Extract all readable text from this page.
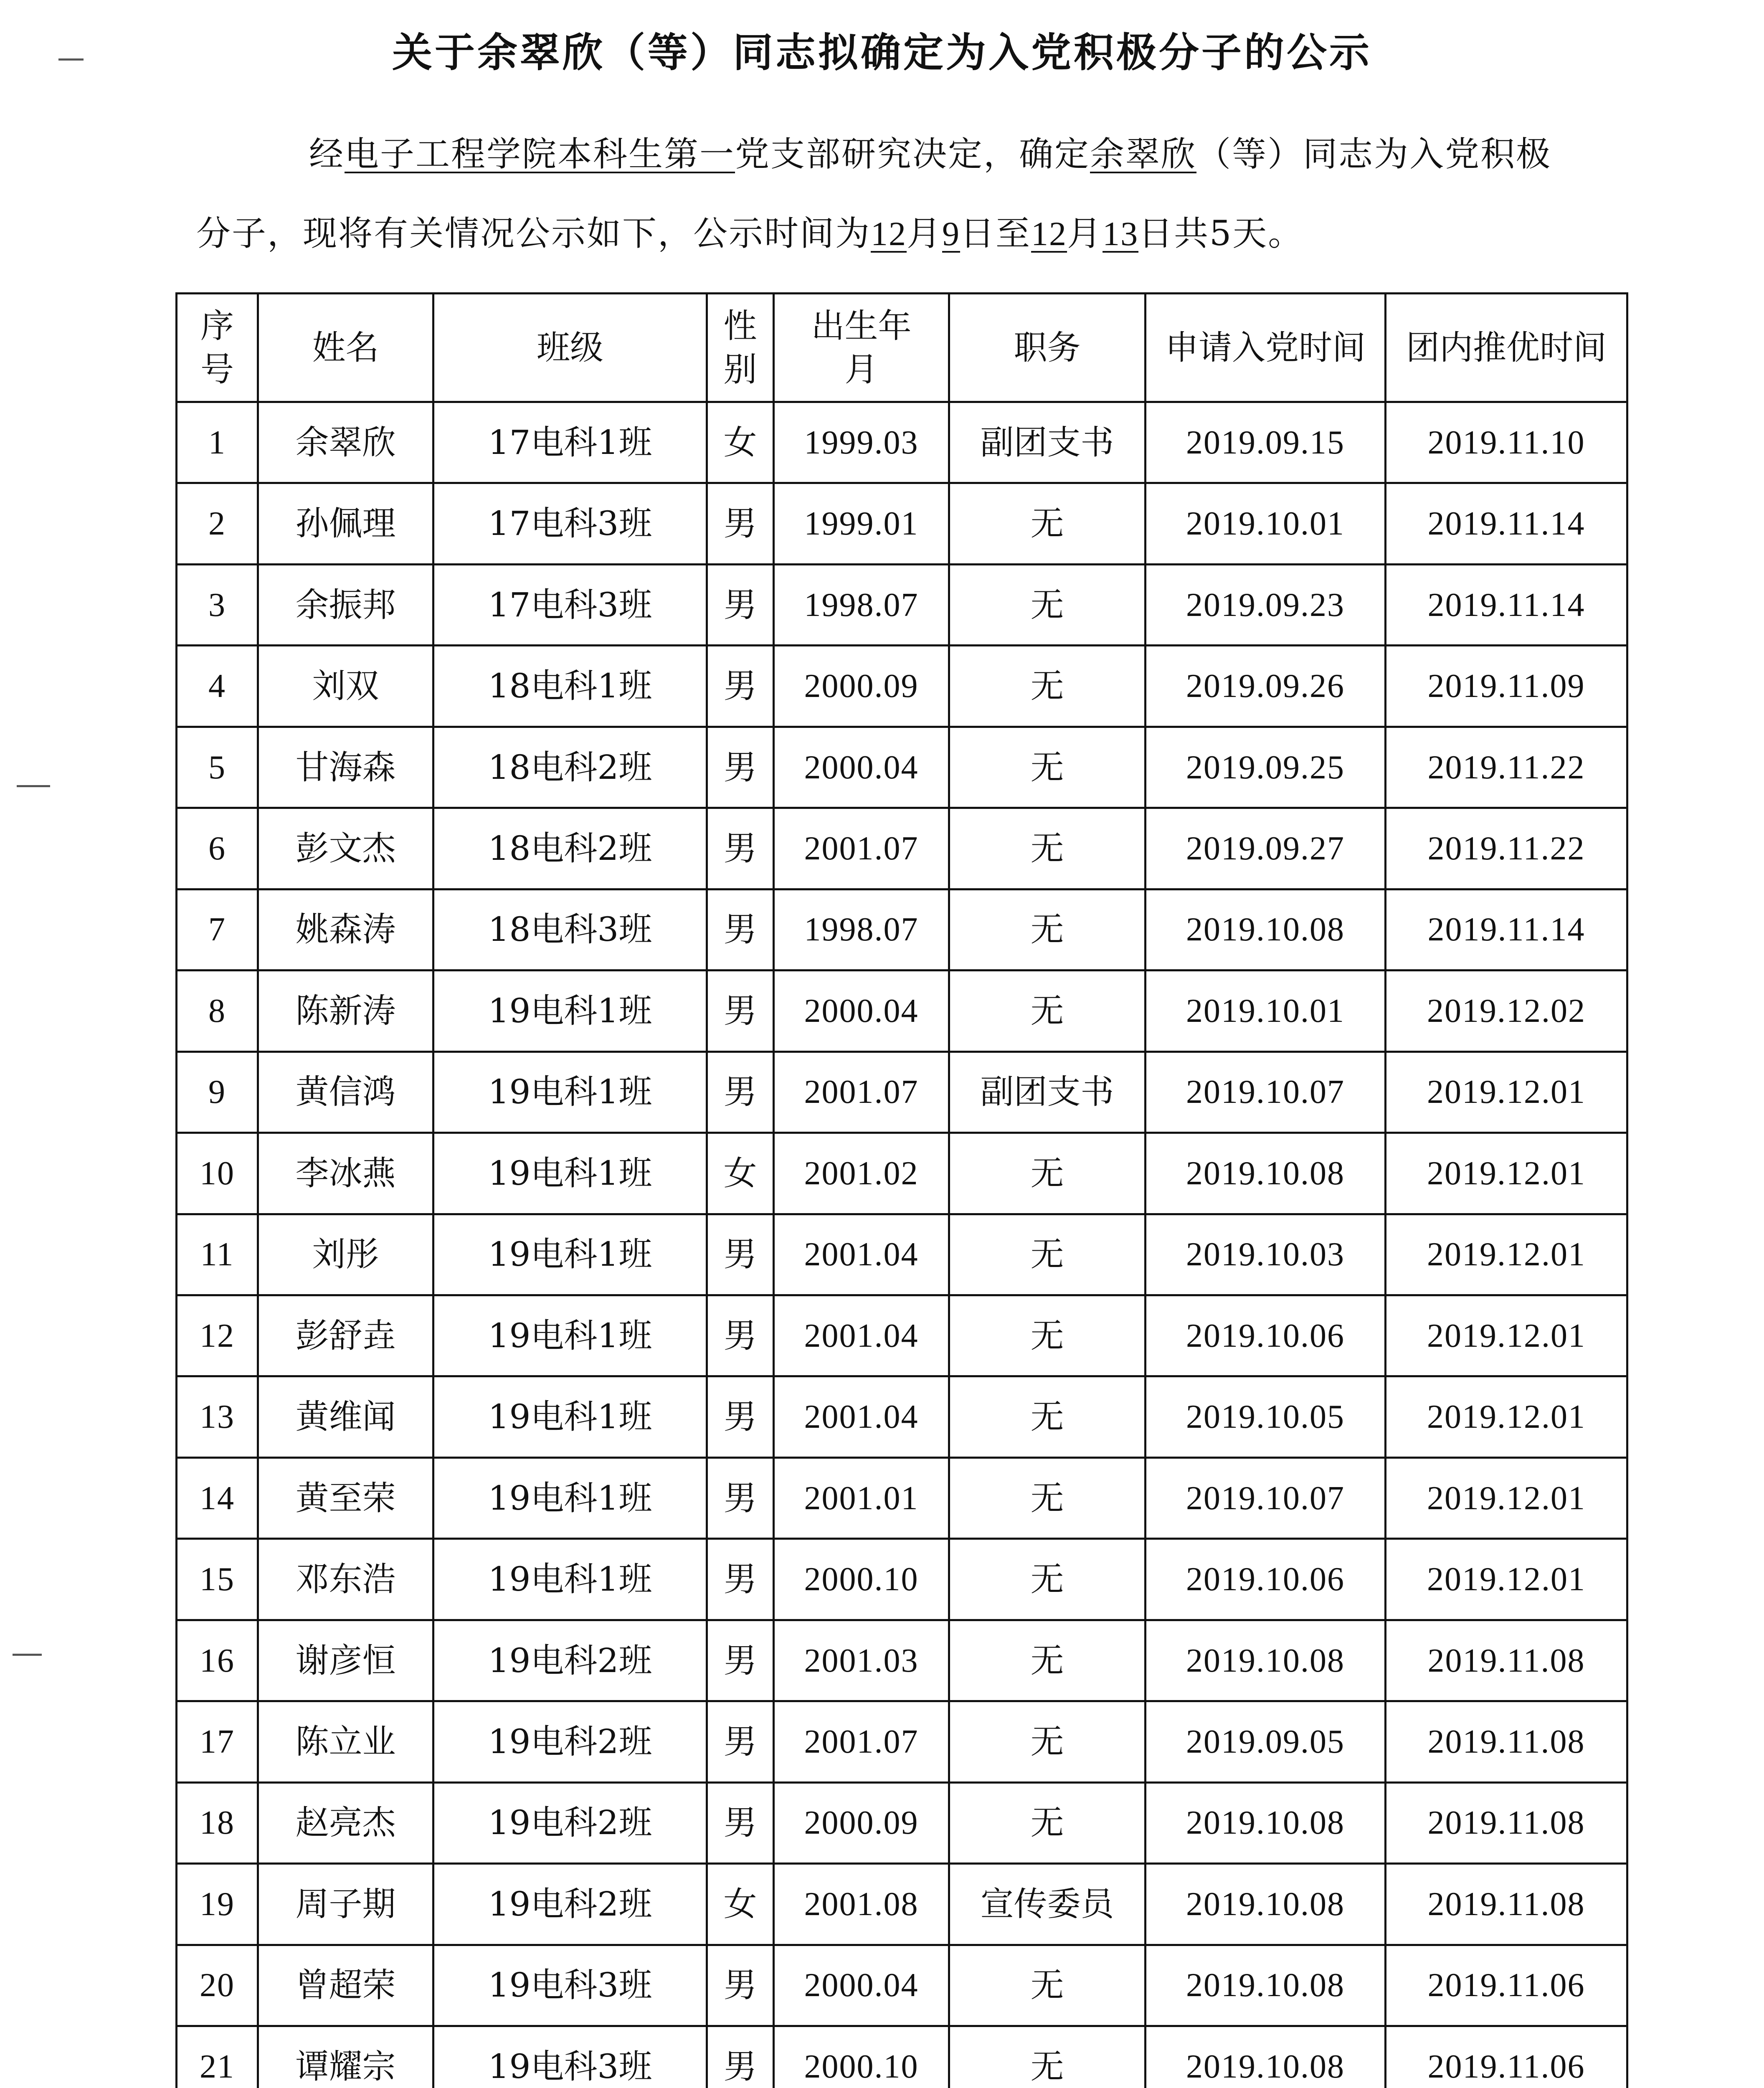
关于余翠欣（等）同志拟确定为入党积极分子的公示
经电子工程学院本科生第一党支部研究决定，确定余翠欣（等）同志为入党积极
分子，现将有关情况公示如下，公示时间为12月9日至12月13日共5天。
序号	姓名	班级	性别	出生年月	职务	申请入党时间	团内推优时间
1	余翠欣	17电科1班	女	1999.03	副团支书	2019.09.15	2019.11.10
2	孙佩理	17电科3班	男	1999.01	无	2019.10.01	2019.11.14
3	余振邦	17电科3班	男	1998.07	无	2019.09.23	2019.11.14
4	刘双	18电科1班	男	2000.09	无	2019.09.26	2019.11.09
5	甘海森	18电科2班	男	2000.04	无	2019.09.25	2019.11.22
6	彭文杰	18电科2班	男	2001.07	无	2019.09.27	2019.11.22
7	姚森涛	18电科3班	男	1998.07	无	2019.10.08	2019.11.14
8	陈新涛	19电科1班	男	2000.04	无	2019.10.01	2019.12.02
9	黄信鸿	19电科1班	男	2001.07	副团支书	2019.10.07	2019.12.01
10	李冰燕	19电科1班	女	2001.02	无	2019.10.08	2019.12.01
11	刘彤	19电科1班	男	2001.04	无	2019.10.03	2019.12.01
12	彭舒垚	19电科1班	男	2001.04	无	2019.10.06	2019.12.01
13	黄维闻	19电科1班	男	2001.04	无	2019.10.05	2019.12.01
14	黄至荣	19电科1班	男	2001.01	无	2019.10.07	2019.12.01
15	邓东浩	19电科1班	男	2000.10	无	2019.10.06	2019.12.01
16	谢彦恒	19电科2班	男	2001.03	无	2019.10.08	2019.11.08
17	陈立业	19电科2班	男	2001.07	无	2019.09.05	2019.11.08
18	赵亮杰	19电科2班	男	2000.09	无	2019.10.08	2019.11.08
19	周子期	19电科2班	女	2001.08	宣传委员	2019.10.08	2019.11.08
20	曾超荣	19电科3班	男	2000.04	无	2019.10.08	2019.11.06
21	谭耀宗	19电科3班	男	2000.10	无	2019.10.08	2019.11.06
